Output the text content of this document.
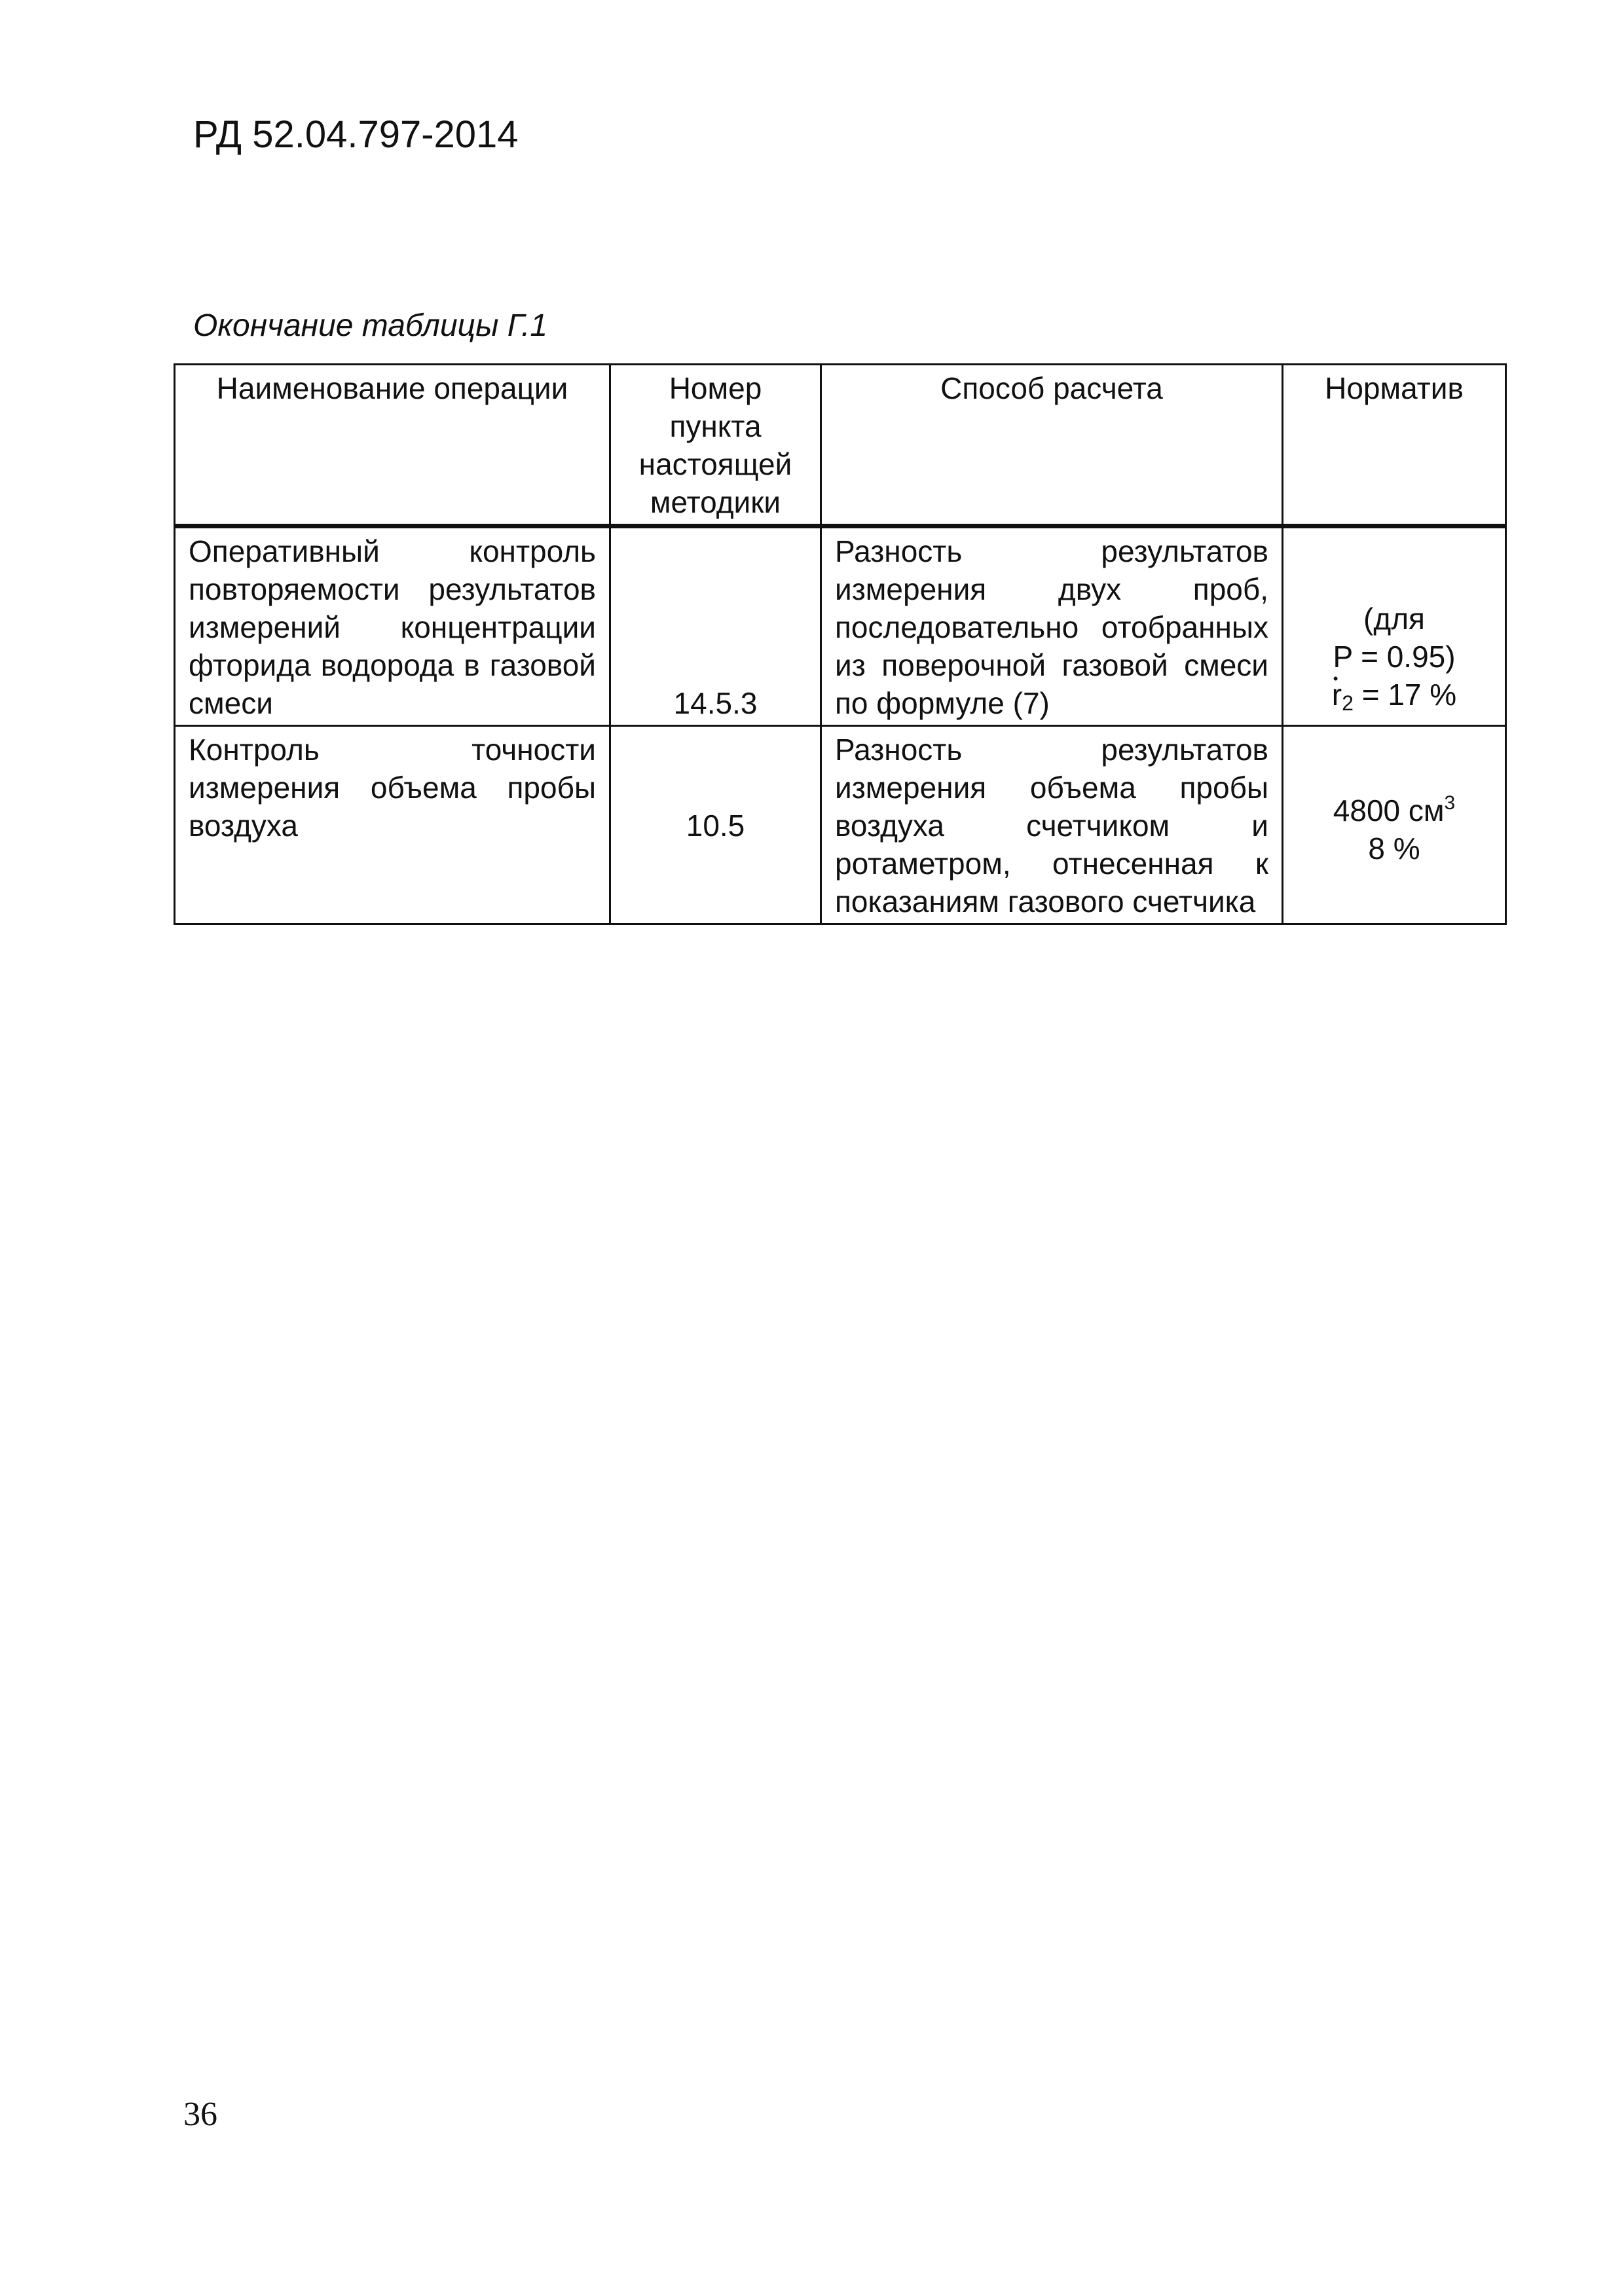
РД 52.04.797-2014
Окончание таблицы Г.1
Наименование операции	Номер пункта настоящей методики	Способ расчета	Норматив
Оперативный контроль повторяемости результатов измерений концентрации фторида водорода в газовой смеси	14.5.3	Разность результатов измерения двух проб, последовательно отобранных из поверочной газовой смеси по формуле (7)	(для
P = 0.95)
• $r_2 = 17$ %

Контроль точности измерения объема пробы воздуха	10.5	Разность результатов измерения объема пробы воздуха счетчиком и ротаметром, отнесенная к показаниям газового счетчика	4800 $см^3$
8 %
36
